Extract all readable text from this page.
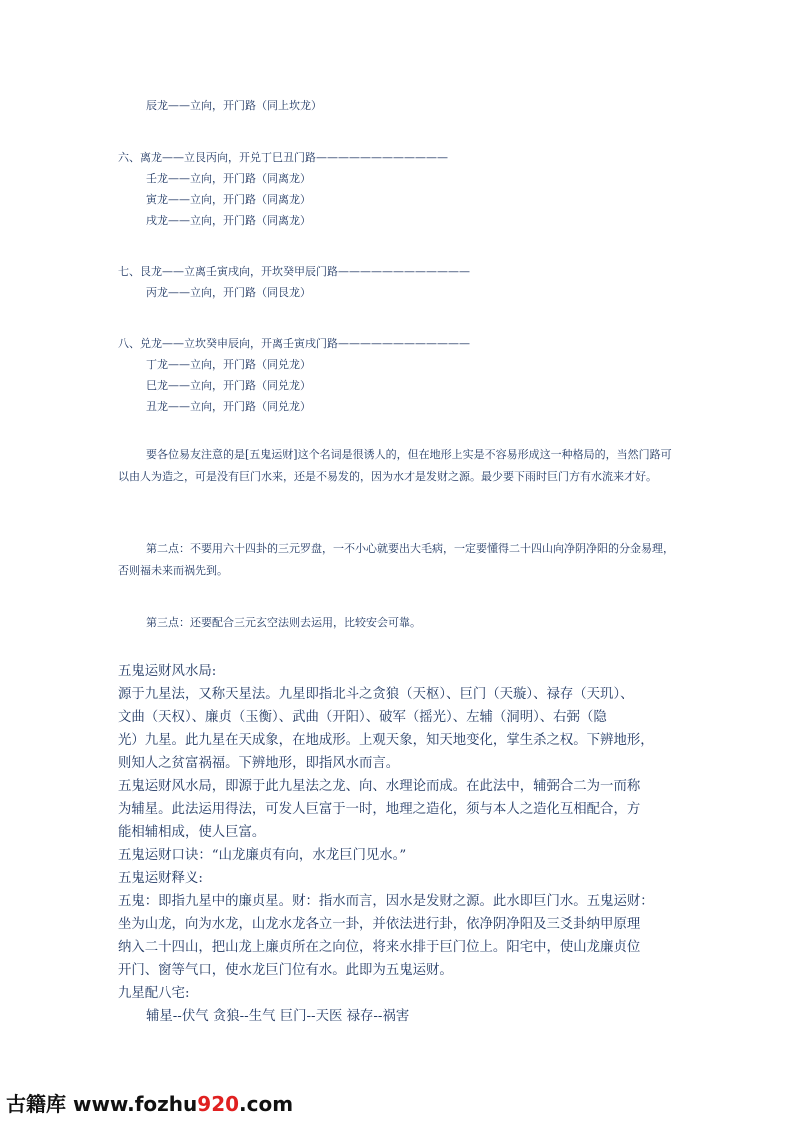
辰龙——立向，开门路（同上坎龙）

六、离龙——立艮丙向，开兑丁巳丑门路————————————

壬龙——立向，开门路（同离龙）

寅龙——立向，开门路（同离龙）

戌龙——立向，开门路（同离龙）

七、艮龙——立离壬寅戌向，开坎癸甲辰门路————————————

丙龙——立向，开门路（同艮龙）

八、兑龙——立坎癸申辰向，开离壬寅戌门路————————————

丁龙——立向，开门路（同兑龙）

巳龙——立向，开门路（同兑龙）

丑龙——立向，开门路（同兑龙）

要各位易友注意的是[五鬼运财]这个名词是很诱人的，但在地形上实是不容易形成这一种格局的，当然门路可以由人为造之，可是没有巨门水来，还是不易发的，因为水才是发财之源。最少要下雨时巨门方有水流来才好。

第二点：不要用六十四卦的三元罗盘，一不小心就要出大毛病，一定要懂得二十四山向净阴净阳的分金易理，否则福未来而祸先到。

第三点：还要配合三元玄空法则去运用，比较安会可靠。

五鬼运财风水局:

源于九星法，又称天星法。九星即指北斗之贪狼（天枢）、巨门（天璇）、禄存（天玑）、

文曲（天权）、廉贞（玉衡）、武曲（开阳）、破军（摇光）、左辅（洞明）、右弼（隐

光）九星。此九星在天成象，在地成形。上观天象，知天地变化，掌生杀之权。下辨地形，

则知人之贫富祸福。下辨地形，即指风水而言。

五鬼运财风水局，即源于此九星法之龙、向、水理论而成。在此法中，辅弼合二为一而称

为辅星。此法运用得法，可发人巨富于一时，地理之造化，须与本人之造化互相配合，方

能相辅相成，使人巨富。

五鬼运财口诀：“山龙廉贞有向，水龙巨门见水。”

五鬼运财释义:

五鬼：即指九星中的廉贞星。财：指水而言，因水是发财之源。此水即巨门水。五鬼运财：

坐为山龙，向为水龙，山龙水龙各立一卦，并依法进行卦，依净阴净阳及三爻卦纳甲原理

纳入二十四山，把山龙上廉贞所在之向位，将来水排于巨门位上。阳宅中，使山龙廉贞位

开门、窗等气口，使水龙巨门位有水。此即为五鬼运财。

九星配八宅:

辅星--伏气 贪狼--生气 巨门--天医 禄存--祸害

古籍库 www.fozhu920.com
